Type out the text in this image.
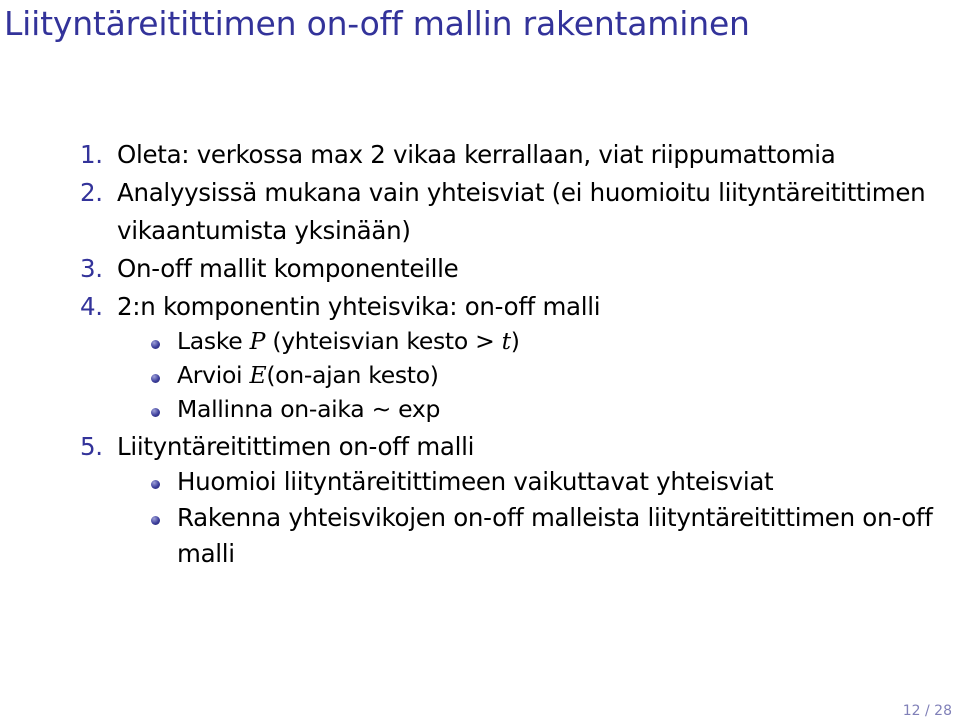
Liityntäreitittimen on-off mallin rakentaminen
1. Oleta: verkossa max 2 vikaa kerrallaan, viat riippumattomia
2. Analyysissä mukana vain yhteisviat (ei huomioitu liityntäreitittimen vikaantumista yksinään)
3. On-off mallit komponenteille
4. 2:n komponentin yhteisvika: on-off malli
Laske P (yhteisvian kesto > t)
Arvioi E(on-ajan kesto)
Mallinna on-aika ∼ exp
5. Liityntäreitittimen on-off malli
Huomioi liityntäreitittimeen vaikuttavat yhteisviat
Rakenna yhteisvikojen on-off malleista liityntäreitittimen on-off malli
12 / 28
